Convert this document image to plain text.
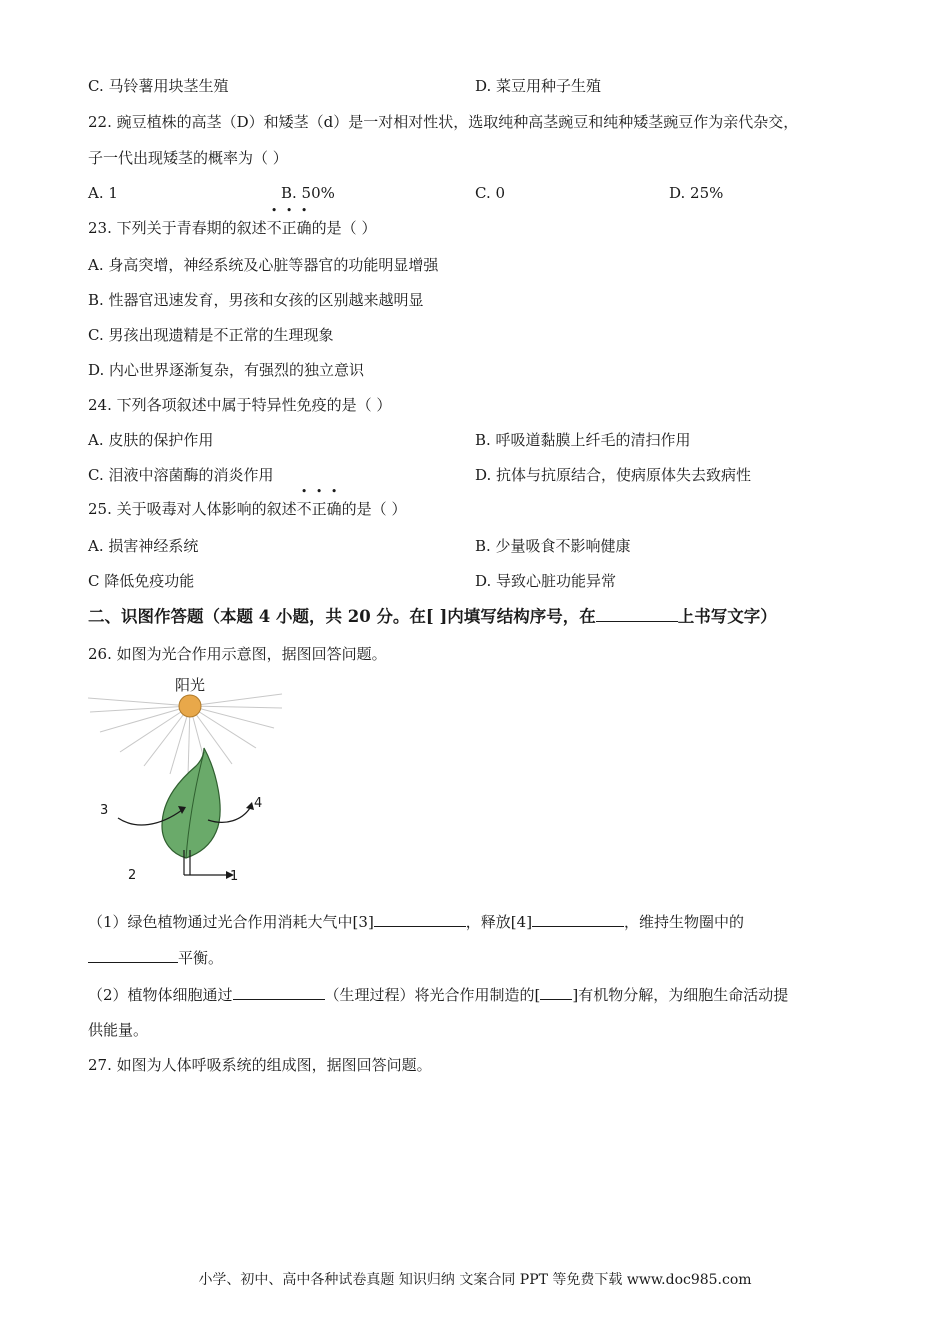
C. 马铃薯用块茎生殖	D. 菜豆用种子生殖
22. 豌豆植株的高茎（D）和矮茎（d）是一对相对性状，选取纯种高茎豌豆和纯种矮茎豌豆作为亲代杂交，
子一代出现矮茎的概率为（ ）
A. 1	B. 50%	C. 0	D. 25%
23. 下列关于青春期的叙述不正确的是（ ）
A. 身高突增，神经系统及心脏等器官的功能明显增强
B. 性器官迅速发育，男孩和女孩的区别越来越明显
C. 男孩出现遗精是不正常的生理现象
D. 内心世界逐渐复杂，有强烈的独立意识
24. 下列各项叙述中属于特异性免疫的是（ ）
A. 皮肤的保护作用	B. 呼吸道黏膜上纤毛的清扫作用
C. 泪液中溶菌酶的消炎作用	D. 抗体与抗原结合，使病原体失去致病性
25. 关于吸毒对人体影响的叙述不正确的是（ ）
A. 损害神经系统	B. 少量吸食不影响健康
C 降低免疫功能	D. 导致心脏功能异常
二、识图作答题（本题 4 小题，共 20 分。在[ ]内填写结构序号，在	上书写文字）
26. 如图为光合作用示意图，据图回答问题。
阳光
3	4
2	1
（1）绿色植物通过光合作用消耗大气中[3]	，释放[4]	，维持生物圈中的
平衡。
（2）植物体细胞通过	（生理过程）将光合作用制造的[ ]有机物分解，为细胞生命活动提
供能量。
27. 如图为人体呼吸系统的组成图，据图回答问题。
小学、初中、高中各种试卷真题 知识归纳 文案合同 PPT 等免费下载 www.doc985.com
